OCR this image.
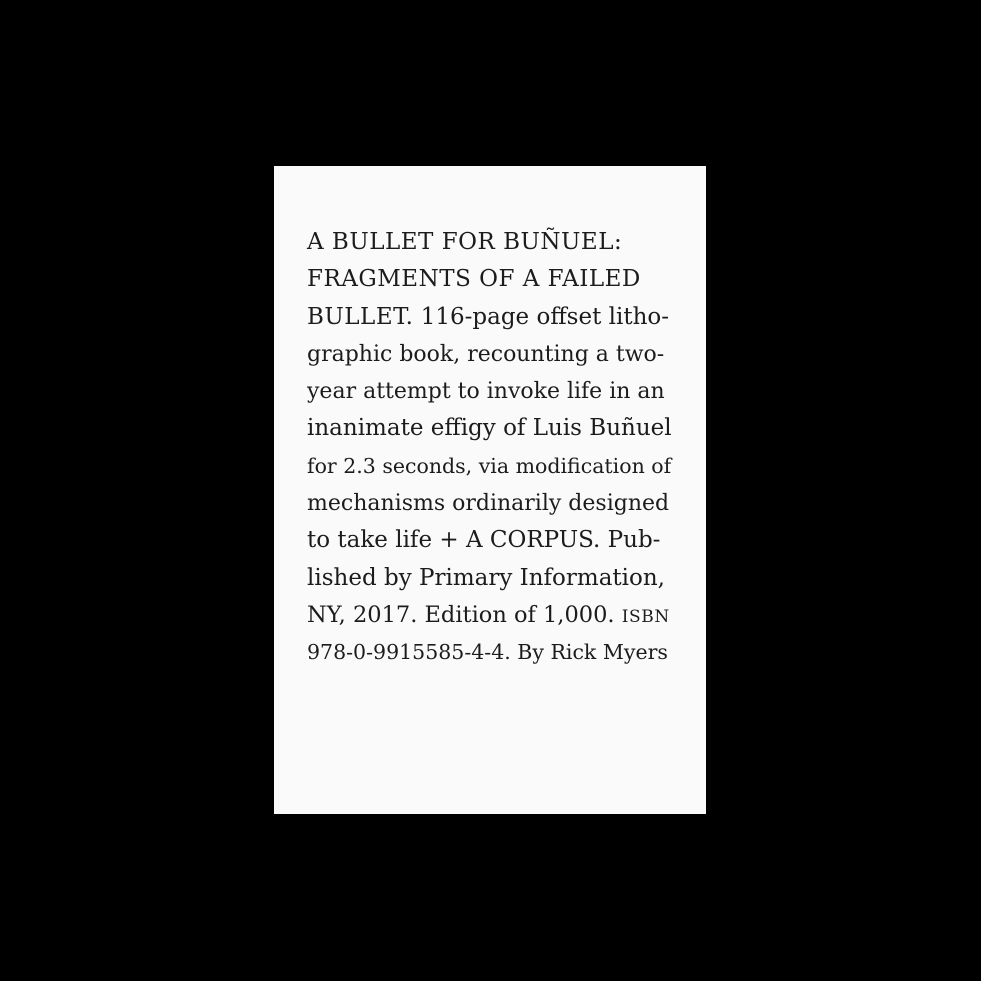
A BULLET FOR BUÑUEL:
FRAGMENTS OF A FAILED
BULLET. 116-page offset litho-
graphic book, recounting a two-
year attempt to invoke life in an
inanimate effigy of Luis Buñuel
for 2.3 seconds, via modification of
mechanisms ordinarily designed
to take life + A CORPUS. Pub-
lished by Primary Information,
NY, 2017. Edition of 1,000. ISBN
978-0-9915585-4-4. By Rick Myers
